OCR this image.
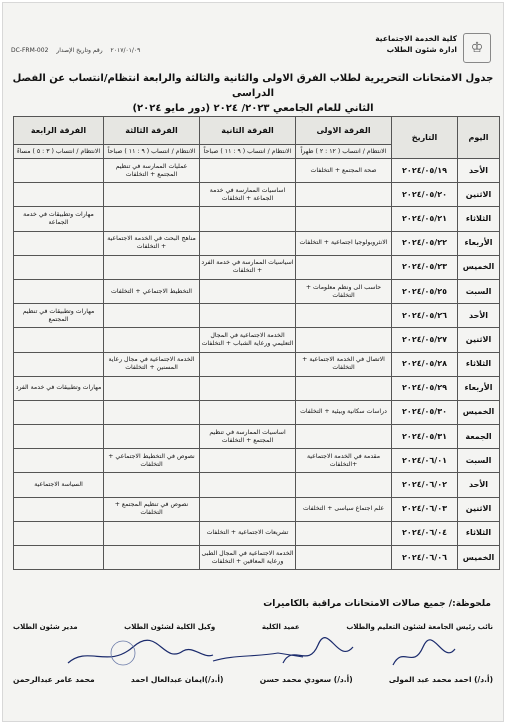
♔
كلية الخدمة الاجتماعية
ادارة شئون الطلاب
DC-FRM-002	٢٠١٧/٠١/٠٩ رقم وتاريخ الإصدار
جدول الامتحانات التحريرية لطلاب الفرق الاولى والثانية والثالثة والرابعة انتظام/انتساب عن الفصل الدراسى
الثاني للعام الجامعي ٢٠٢٣/ ٢٠٢٤ (دور مايو ٢٠٢٤)
اليوم	التاريخ	الفرقة الاولى	الفرقة الثانية	الفرقة الثالثة	الفرقة الرابعة
		الانتظام / انتساب ( ١٢ : ٢ ) ظهراً	الانتظام / انتساب ( ٩ : ١١ ) صباحاً	الانتظام / انتساب ( ٩ : ١١ ) صباحاً	الانتظام / انتساب ( ٣ : ٥ ) مساءً
الأحد	٢٠٢٤/٠٥/١٩	صحة المجتمع + التخلفات		عمليات الممارسة في تنظيم المجتمع + التخلفات	
الاثنين	٢٠٢٤/٠٥/٢٠		اساسيات الممارسة في خدمة الجماعة + التخلفات		
الثلاثاء	٢٠٢٤/٠٥/٢١				مهارات وتطبيقات في خدمة الجماعة
الأربعاء	٢٠٢٤/٠٥/٢٢	الانثروبولوجيا اجتماعية + التخلفات		مناهج البحث في الخدمة الاجتماعية + التخلفات	
الخميس	٢٠٢٤/٠٥/٢٣		اسياسيات الممارسة في خدمة الفرد + التخلفات		
السبت	٢٠٢٤/٠٥/٢٥	حاسب الى ونظم معلومات + التخلفات		التخطيط الاجتماعي + التخلفات	
الأحد	٢٠٢٤/٠٥/٢٦				مهارات وتطبيقات في تنظيم المجتمع
الاثنين	٢٠٢٤/٠٥/٢٧		الخدمة الاجتماعية في المجال التعليمي ورعاية الشباب + التخلفات		
الثلاثاء	٢٠٢٤/٠٥/٢٨	الاتصال في الخدمة الاجتماعية + التخلفات		الخدمة الاجتماعية في مجال رعاية المسنين + التخلفات	
الأربعاء	٢٠٢٤/٠٥/٢٩				مهارات وتطبيقات في خدمة الفرد
الخميس	٢٠٢٤/٠٥/٣٠	دراسات سكانية وبيئية + التخلفات			
الجمعة	٢٠٢٤/٠٥/٣١		اساسيات الممارسة في تنظيم المجتمع + التخلفات		
السبت	٢٠٢٤/٠٦/٠١	مقدمة في الخدمة الاجتماعية +التخلفات		نصوص في التخطيط الاجتماعي + التخلفات	
الأحد	٢٠٢٤/٠٦/٠٢				السياسة الاجتماعية
الاثنين	٢٠٢٤/٠٦/٠٣	علم اجتماع سياسى + التخلفات		نصوص في تنظيم المجتمع + التخلفات	
الثلاثاء	٢٠٢٤/٠٦/٠٤		تشريعات الاجتماعية + التخلفات		
الخميس	٢٠٢٤/٠٦/٠٦		الخدمة الاجتماعية في المجال الطبى ورعاية المعاقين + التخلفات		
ملحوظة:/ جميع صالات الامتحانات مراقبة بالكاميرات
مدير شئون الطلاب	وكيل الكلية لشئون الطلاب	عميد الكلية	نائب رئيس الجامعة لشئون التعليم والطلاب
محمد عامر عبدالرحمن	(أ.د/)ايمان عبدالعال احمد	(أ.د/) سعودي محمد حسن	(أ.د/) احمد محمد عبد المولى
